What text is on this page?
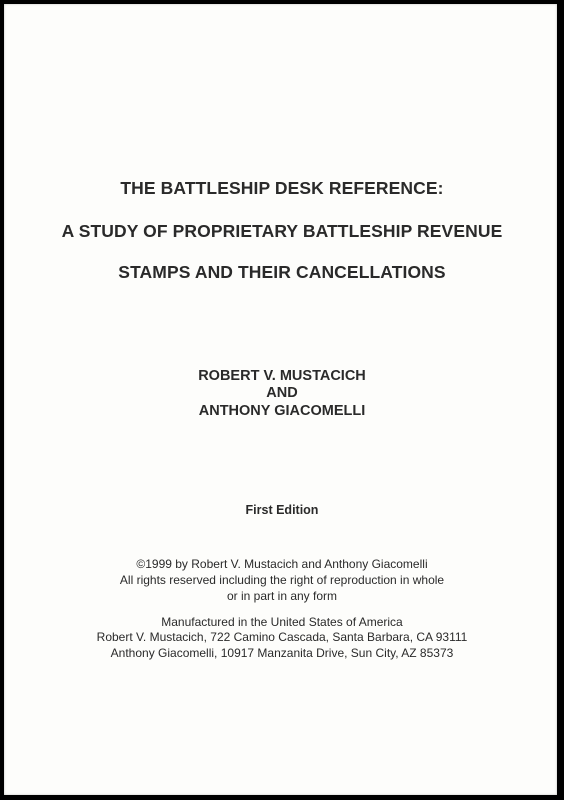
THE BATTLESHIP DESK REFERENCE:
A STUDY OF PROPRIETARY BATTLESHIP REVENUE
STAMPS AND THEIR CANCELLATIONS
ROBERT V. MUSTACICH
AND
ANTHONY GIACOMELLI
First Edition
©1999 by Robert V. Mustacich and Anthony Giacomelli
All rights reserved including the right of reproduction in whole
or in part in any form
Manufactured in the United States of America
Robert V. Mustacich, 722 Camino Cascada, Santa Barbara, CA 93111
Anthony Giacomelli, 10917 Manzanita Drive, Sun City, AZ 85373
